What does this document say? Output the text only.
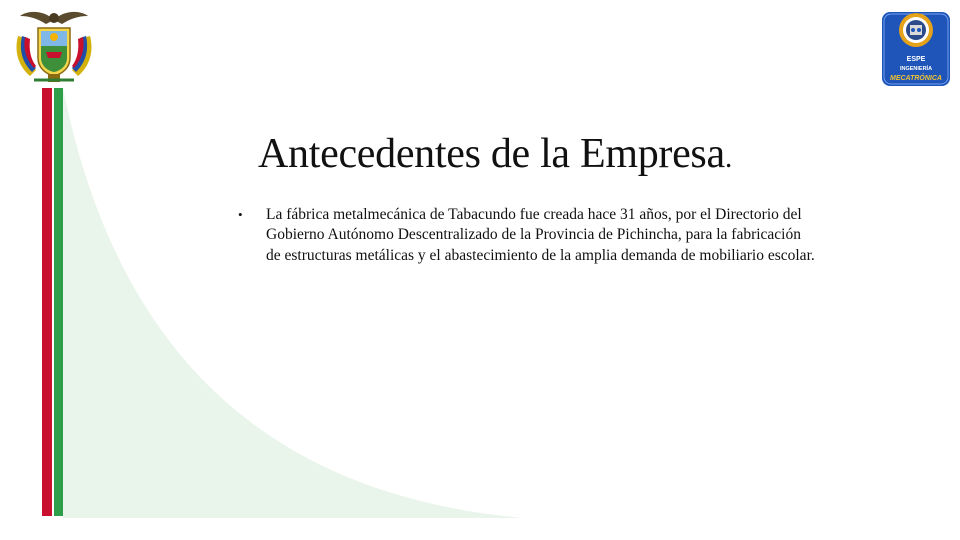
ESPE
INGENIERÍA
MECATRÓNICA
Antecedentes de la Empresa.
• La fábrica metalmecánica de Tabacundo fue creada hace 31 años, por el Directorio del Gobierno Autónomo Descentralizado de la Provincia de Pichincha, para la fabricación de estructuras metálicas y el abastecimiento de la amplia demanda de mobiliario escolar.
